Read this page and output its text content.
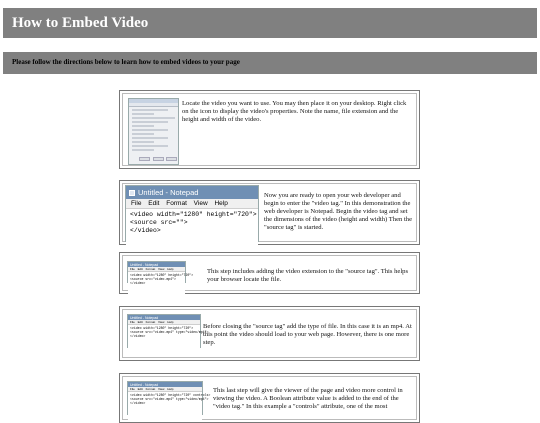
How to Embed Video
Please follow the directions below to learn how to embed videos to your page

Locate the video you want to use. You may then place it on your desktop. Right click on the icon to display the video's properties. Note the name, file extension and the height and width of the video.

Untitled - Notepad
File Edit Format View Help
<video width="1280" height="720">
<source src="">
</video>

Now you are ready to open your web developer and begin to enter the "video tag." In this demonstration the web developer is Notepad. Begin the video tag and set the dimensions of the video (height and width) Then the "source tag" is started.

Untitled - Notepad
File Edit Format View Help
<video width="1280" height="720">
<source src="video.mp4">
</video>

This step includes adding the video extension to the "source tag". This helps your browser locate the file.

Untitled - Notepad
File Edit Format View Help
<video width="1280" height="720">
<source src="video.mp4" type="video/mp4">
</video>

Before closing the "source tag" add the type of file. In this case it is an mp4. At this point the video should load to your web page. However, there is one more step.

Untitled - Notepad
File Edit Format View Help
<video width="1280" height="720" controls>
<source src="video.mp4" type="video/mp4">
</video>

This last step will give the viewer of the page and video more control in viewing the video. A Boolean attribute value is added to the end of the "video tag." In this example a "controls" attribute, one of the most
